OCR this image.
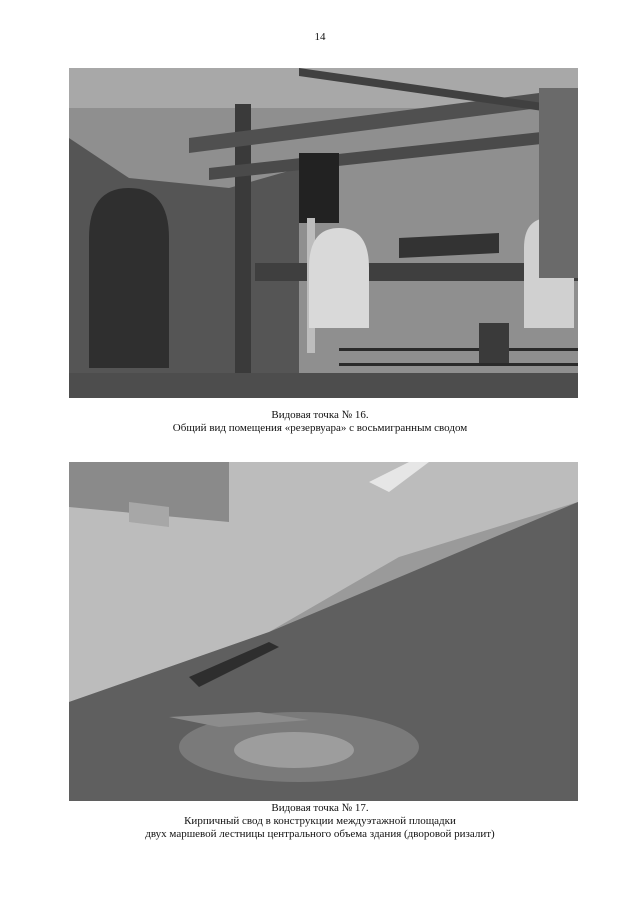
14
Видовая точка № 16.
Общий вид помещения «резервуара» с восьмигранным сводом
Видовая точка № 17.
Кирпичный свод в конструкции междуэтажной площадки
двух маршевой лестницы центрального объема здания (дворовой ризалит)
